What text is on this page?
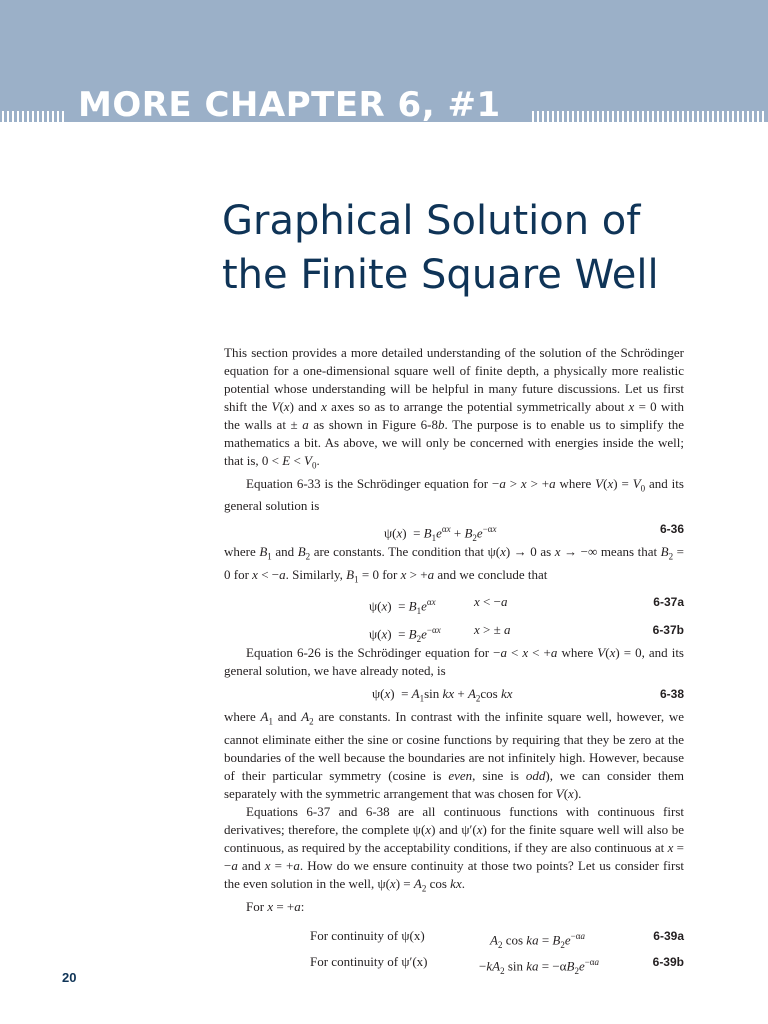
MORE CHAPTER 6, #1
Graphical Solution of
the Finite Square Well

This section provides a more detailed understanding of the solution of the Schrödinger equation for a one-dimensional square well of finite depth, a physically more realistic potential whose understanding will be helpful in many future discussions. Let us first shift the V(x) and x axes so as to arrange the potential symmetrically about x = 0 with the walls at ± a as shown in Figure 6-8b. The purpose is to enable us to simplify the mathematics a bit. As above, we will only be concerned with energies inside the well; that is, $0 < E < V_0$.

Equation 6-33 is the Schrödinger equation for −a > x > +a where $V(x) = V_0$ and its general solution is

$\psi(x) = B_1e^{\alpha x} + B_2e^{-\alpha x}$	6-36

where $B_1$ and $B_2$ are constants. The condition that ψ(x) → 0 as x → −∞ means that $B_2 = 0$ for x < −a. Similarly, $B_1 = 0$ for x > +a and we conclude that

$\psi(x) = B_1e^{\alpha x}$	x < −a	6-37a
$\psi(x) = B_2e^{-\alpha x}$	x > ± a	6-37b

Equation 6-26 is the Schrödinger equation for −a < x < +a where V(x) = 0, and its general solution, we have already noted, is

$\psi(x) = A_1\sin$ kx + $A_2\cos$ kx	6-38

where $A_1$ and $A_2$ are constants. In contrast with the infinite square well, however, we cannot eliminate either the sine or cosine functions by requiring that they be zero at the boundaries of the well because the boundaries are not infinitely high. However, because of their particular symmetry (cosine is even, sine is odd), we can consider them separately with the symmetric arrangement that was chosen for V(x).

Equations 6-37 and 6-38 are all continuous functions with continuous first derivatives; therefore, the complete ψ(x) and ψ′(x) for the finite square well will also be continuous, as required by the acceptability conditions, if they are also continuous at x = −a and x = +a. How do we ensure continuity at those two points? Let us consider first the even solution in the well, $\psi(x) = A_2$ cos kx.

For x = +a:

For continuity of ψ(x)	$A_2$ cos ka = $B_2e^{-\alpha a}$	6-39a
For continuity of ψ′(x)	$-kA_2$ sin ka = $-\alpha B_2e^{-\alpha a}$	6-39b
20
